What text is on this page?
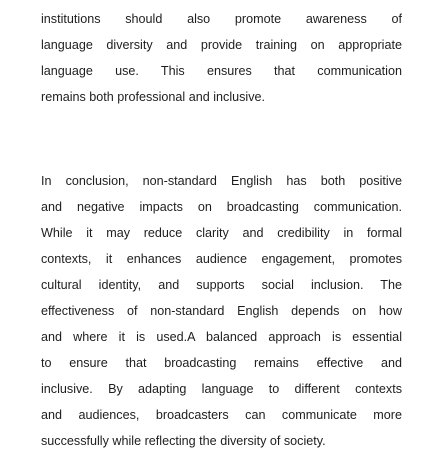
institutions should also promote awareness of
language diversity and provide training on appropriate
language use. This ensures that communication
remains both professional and inclusive.
In conclusion, non-standard English has both positive
and negative impacts on broadcasting communication.
While it may reduce clarity and credibility in formal
contexts, it enhances audience engagement, promotes
cultural identity, and supports social inclusion. The
effectiveness of non-standard English depends on how
and where it is used.A balanced approach is essential
to ensure that broadcasting remains effective and
inclusive. By adapting language to different contexts
and audiences, broadcasters can communicate more
successfully while reflecting the diversity of society.
